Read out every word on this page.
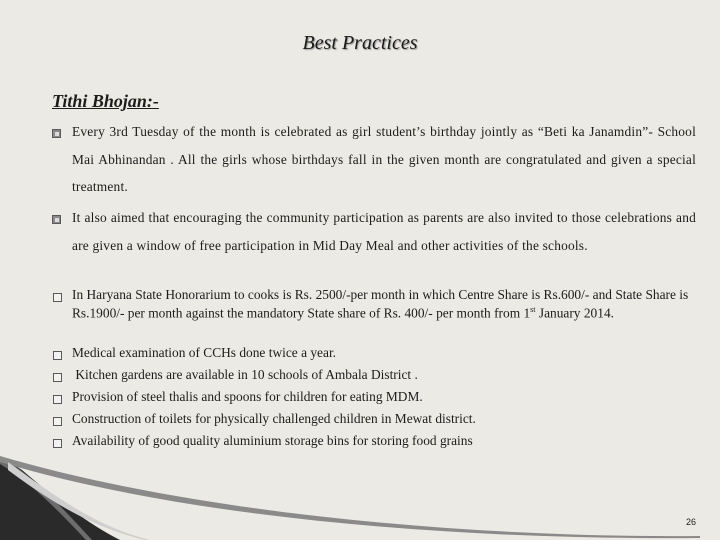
Best Practices
Tithi Bhojan:-
Every 3rd Tuesday of the month is celebrated as girl student’s birthday jointly as “Beti ka Janamdin”- School Mai Abhinandan . All the girls whose birthdays fall in the given month are congratulated and given a special treatment.
It also aimed that encouraging the community participation as parents are also invited to those celebrations and are given a window of free participation in Mid Day Meal and other activities of the schools.
In Haryana State Honorarium to cooks is Rs. 2500/-per month in which Centre Share is Rs.600/- and State Share is Rs.1900/- per month against the mandatory State share of Rs. 400/- per month from 1st January 2014.
Medical examination of CCHs done twice a year.
Kitchen gardens are available in 10 schools of Ambala District .
Provision of steel thalis and spoons for children for eating MDM.
Construction of toilets for physically challenged children in Mewat district.
Availability of good quality aluminium storage bins for storing food grains
26
